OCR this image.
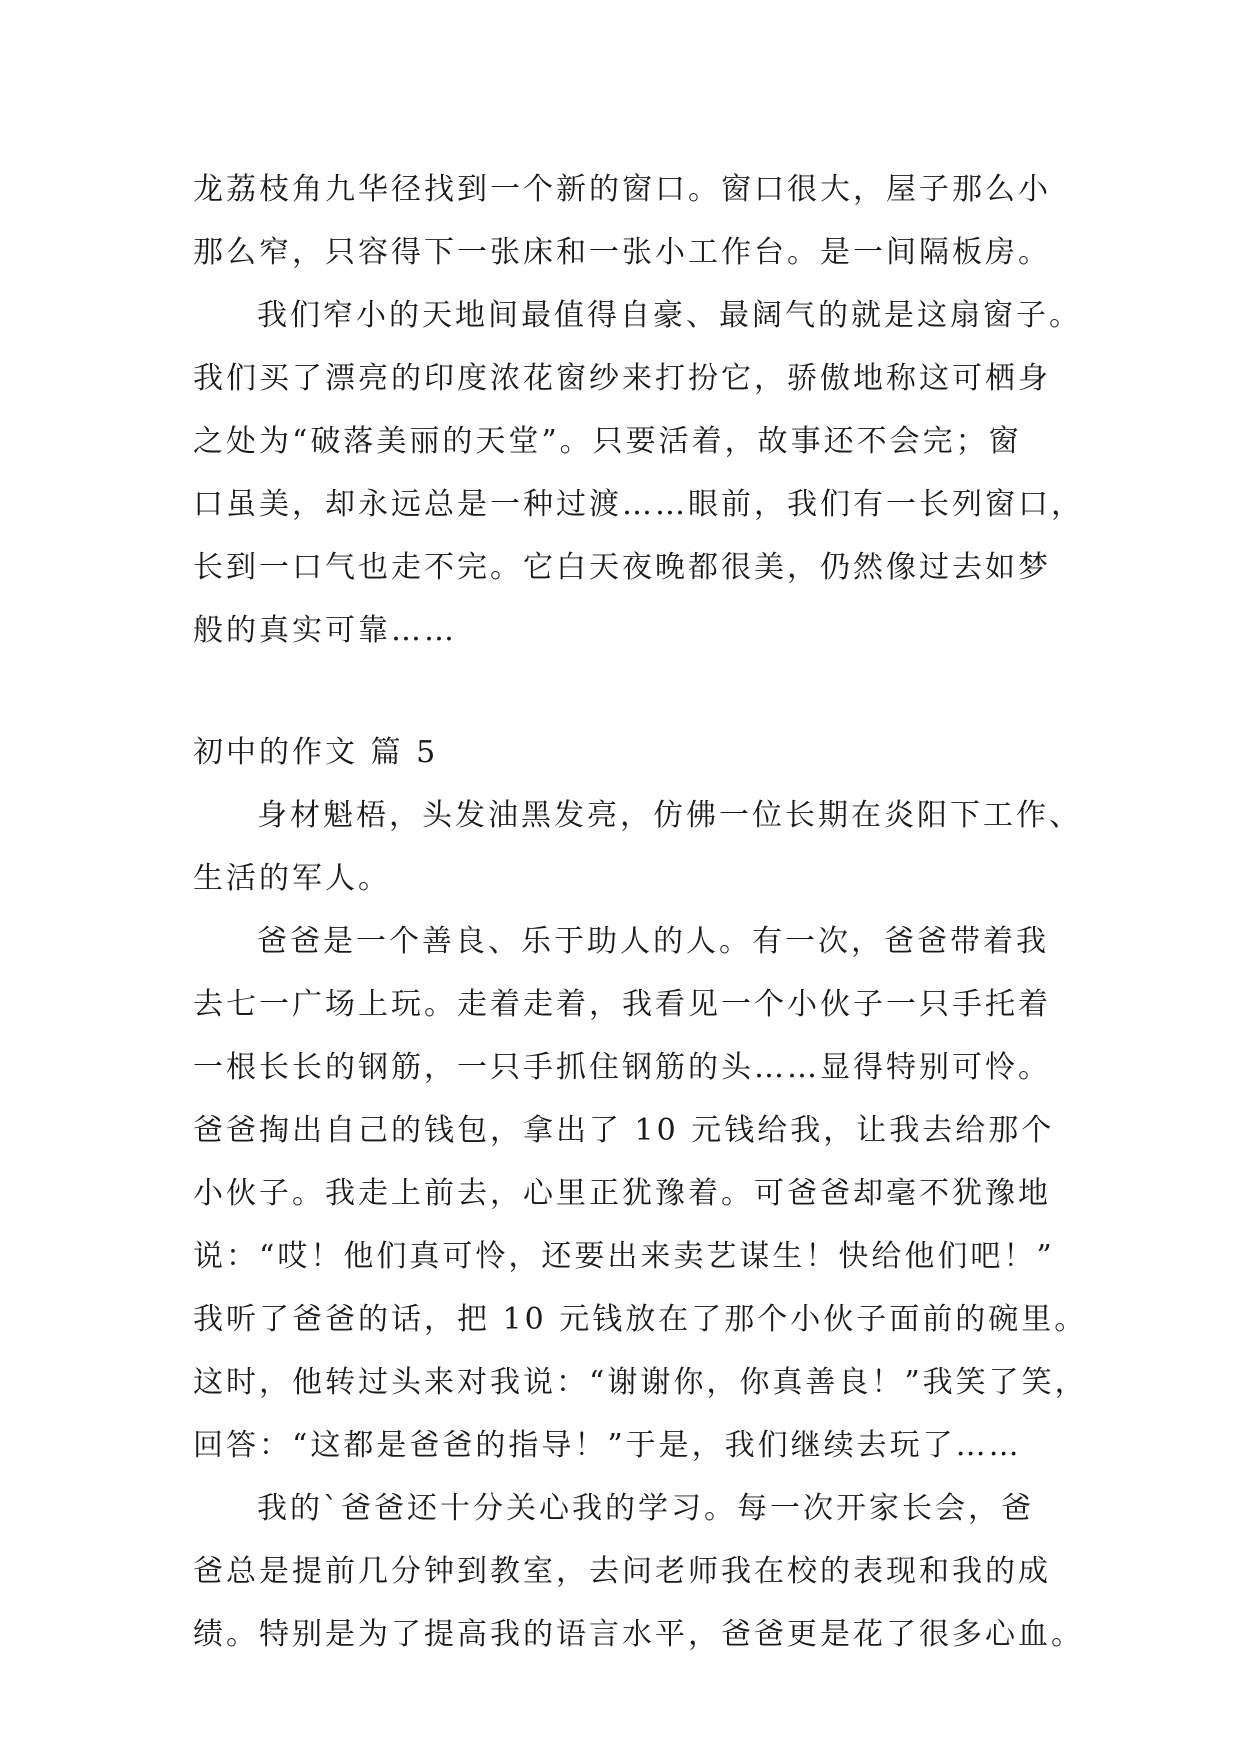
龙荔枝角九华径找到一个新的窗口。窗口很大，屋子那么小
那么窄，只容得下一张床和一张小工作台。是一间隔板房。
我们窄小的天地间最值得自豪、最阔气的就是这扇窗子。
我们买了漂亮的印度浓花窗纱来打扮它，骄傲地称这可栖身
之处为“破落美丽的天堂”。只要活着，故事还不会完；窗
口虽美，却永远总是一种过渡……眼前，我们有一长列窗口，
长到一口气也走不完。它白天夜晚都很美，仍然像过去如梦
般的真实可靠……
初中的作文 篇 5
身材魁梧，头发油黑发亮，仿佛一位长期在炎阳下工作、
生活的军人。
爸爸是一个善良、乐于助人的人。有一次，爸爸带着我
去七一广场上玩。走着走着，我看见一个小伙子一只手托着
一根长长的钢筋，一只手抓住钢筋的头……显得特别可怜。
爸爸掏出自己的钱包，拿出了 10 元钱给我，让我去给那个
小伙子。我走上前去，心里正犹豫着。可爸爸却毫不犹豫地
说：“哎！他们真可怜，还要出来卖艺谋生！快给他们吧！”
我听了爸爸的话，把 10 元钱放在了那个小伙子面前的碗里。
这时，他转过头来对我说：“谢谢你，你真善良！”我笑了笑，
回答：“这都是爸爸的指导！”于是，我们继续去玩了……
我的`爸爸还十分关心我的学习。每一次开家长会，爸
爸总是提前几分钟到教室，去问老师我在校的表现和我的成
绩。特别是为了提高我的语言水平，爸爸更是花了很多心血。
